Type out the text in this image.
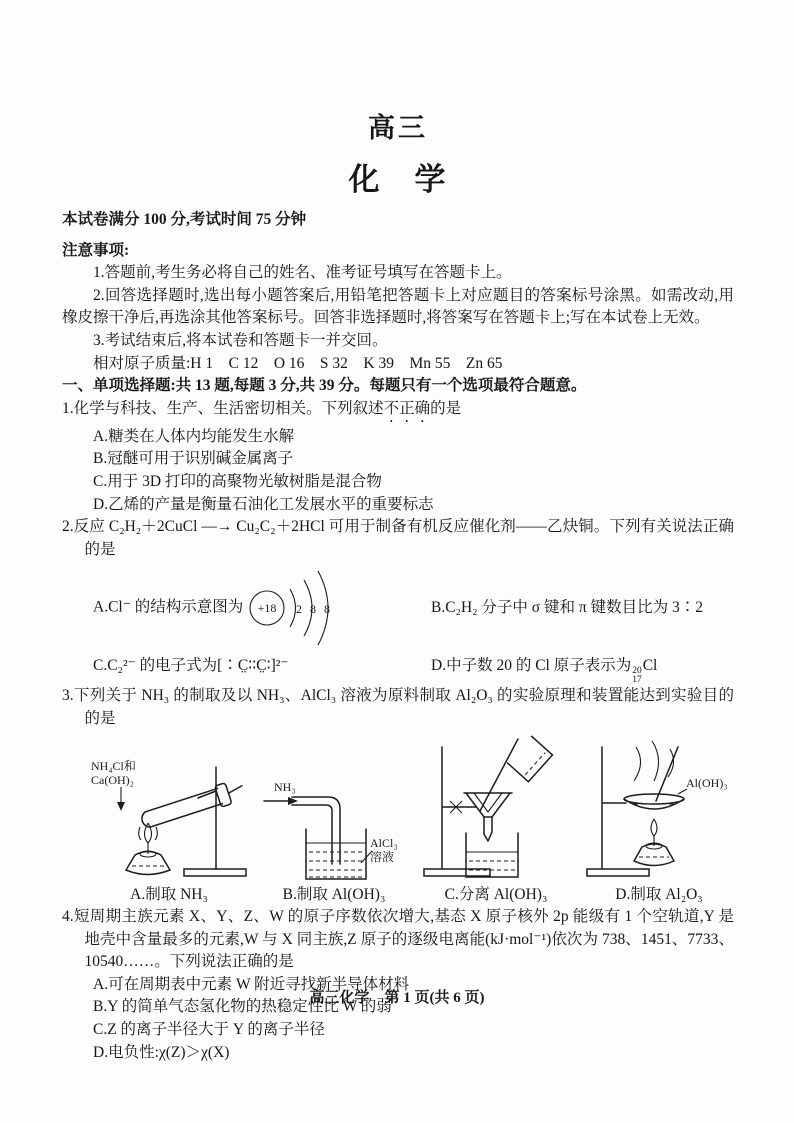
高三
化　学
本试卷满分 100 分,考试时间 75 分钟
注意事项:
1.答题前,考生务必将自己的姓名、准考证号填写在答题卡上。
2.回答选择题时,选出每小题答案后,用铅笔把答题卡上对应题目的答案标号涂黑。如需改动,用橡皮擦干净后,再选涂其他答案标号。回答非选择题时,将答案写在答题卡上;写在本试卷上无效。
3.考试结束后,将本试卷和答题卡一并交回。
相对原子质量:H 1　C 12　O 16　S 32　K 39　Mn 55　Zn 65
一、单项选择题:共 13 题,每题 3 分,共 39 分。每题只有一个选项最符合题意。
1.化学与科技、生产、生活密切相关。下列叙述不正确的是
A.糖类在人体内均能发生水解
B.冠醚可用于识别碱金属离子
C.用于 3D 打印的高聚物光敏树脂是混合物
D.乙烯的产量是衡量石油化工发展水平的重要标志
2.反应 C₂H₂＋2CuCl —→ Cu₂C₂＋2HCl 可用于制备有机反应催化剂——乙炔铜。下列有关说法正确的是
A.Cl⁻ 的结构示意图为 +18 2 8 8	B.C₂H₂ 分子中 σ 键和 π 键数目比为 3∶2
C.C₂²⁻ 的电子式为[∶C̤∶∶C̤∶]²⁻	D.中子数 20 的 Cl 原子表示为 20
17
Cl
3.下列关于 NH₃ 的制取及以 NH₃、AlCl₃ 溶液为原料制取 Al₂O₃ 的实验原理和装置能达到实验目的的是
NH₄Cl和
Ca(OH)₂
A.制取 NH₃
NH₃
AlCl₃
溶液
B.制取 Al(OH)₃	C.分离 Al(OH)₃
Al(OH)₃
D.制取 Al₂O₃
4.短周期主族元素 X、Y、Z、W 的原子序数依次增大,基态 X 原子核外 2p 能级有 1 个空轨道,Y 是地壳中含量最多的元素,W 与 X 同主族,Z 原子的逐级电离能(kJ·mol⁻¹)依次为 738、1451、7733、10540……。下列说法正确的是
A.可在周期表中元素 W 附近寻找新半导体材料
B.Y 的简单气态氢化物的热稳定性比 W 的弱
C.Z 的离子半径大于 Y 的离子半径
D.电负性:χ(Z)＞χ(X)
高三化学　第 1 页(共 6 页)
